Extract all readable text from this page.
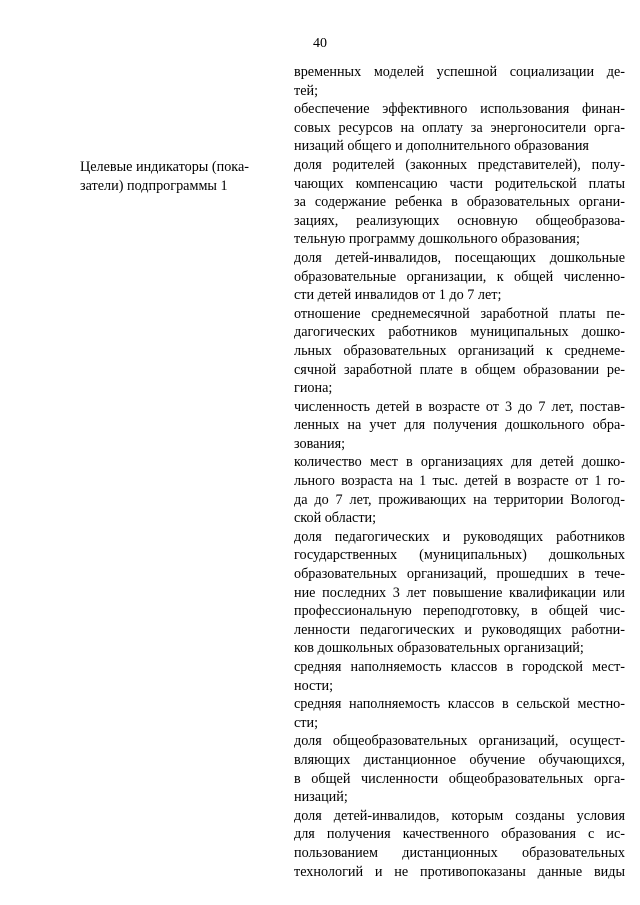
40
Целевые индикаторы (пока-
затели) подпрограммы 1
временных моделей успешной социализации де-
тей;
обеспечение эффективного использования финан-
совых ресурсов на оплату за энергоносители орга-
низаций общего и дополнительного образования
доля родителей (законных представителей), полу-
чающих компенсацию части родительской платы
за содержание ребенка в образовательных органи-
зациях, реализующих основную общеобразова-
тельную программу дошкольного образования;
доля детей-инвалидов, посещающих дошкольные
образовательные организации, к общей численно-
сти детей инвалидов от 1 до 7 лет;
отношение среднемесячной заработной платы пе-
дагогических работников муниципальных дошко-
льных образовательных организаций к среднеме-
сячной заработной плате в общем образовании ре-
гиона;
численность детей в возрасте от 3 до 7 лет, постав-
ленных на учет для получения дошкольного обра-
зования;
количество мест в организациях для детей дошко-
льного возраста на 1 тыс. детей в возрасте от 1 го-
да до 7 лет, проживающих на территории Вологод-
ской области;
доля педагогических и руководящих работников
государственных (муниципальных) дошкольных
образовательных организаций, прошедших в тече-
ние последних 3 лет повышение квалификации или
профессиональную переподготовку, в общей чис-
ленности педагогических и руководящих работни-
ков дошкольных образовательных организаций;
средняя наполняемость классов в городской мест-
ности;
средняя наполняемость классов в сельской местно-
сти;
доля общеобразовательных организаций, осущест-
вляющих дистанционное обучение обучающихся,
в общей численности общеобразовательных орга-
низаций;
доля детей-инвалидов, которым созданы условия
для получения качественного образования с ис-
пользованием дистанционных образовательных
технологий и не противопоказаны данные виды
